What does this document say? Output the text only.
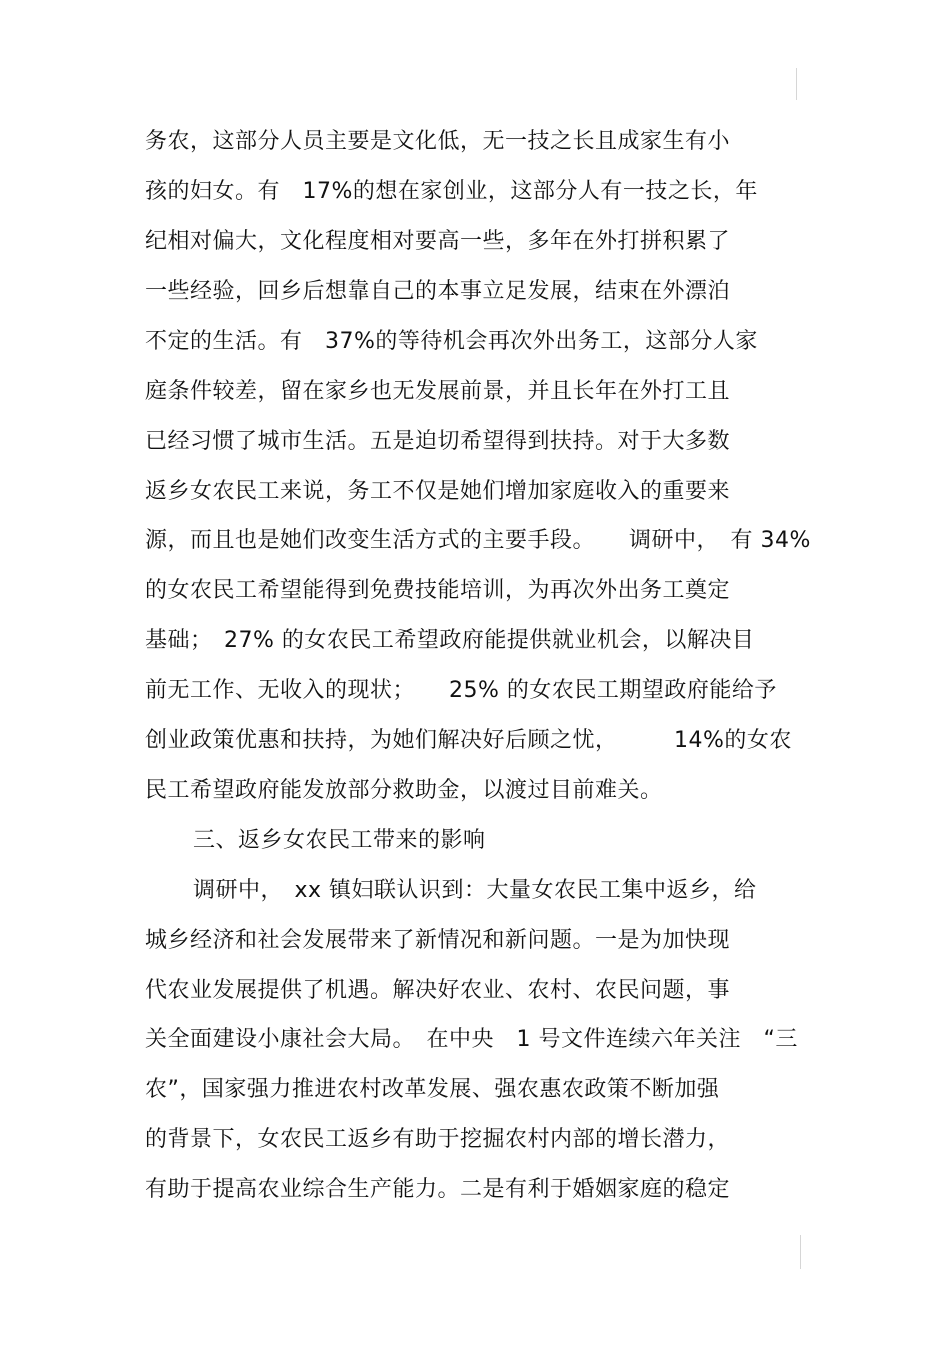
务农，这部分人员主要是文化低，无一技之长且成家生有小
孩的妇女。有　17%的想在家创业，这部分人有一技之长，年
纪相对偏大，文化程度相对要高一些，多年在外打拼积累了
一些经验，回乡后想靠自己的本事立足发展，结束在外漂泊
不定的生活。有　37%的等待机会再次外出务工，这部分人家
庭条件较差，留在家乡也无发展前景，并且长年在外打工且
已经习惯了城市生活。五是迫切希望得到扶持。对于大多数
返乡女农民工来说，务工不仅是她们增加家庭收入的重要来
源，而且也是她们改变生活方式的主要手段。　　调研中，　有 34%
的女农民工希望能得到免费技能培训，为再次外出务工奠定
基础；　27% 的女农民工希望政府能提供就业机会，以解决目
前无工作、无收入的现状；　　25% 的女农民工期望政府能给予
创业政策优惠和扶持，为她们解决好后顾之忧，　　　14%的女农
民工希望政府能发放部分救助金，以渡过目前难关。
三、返乡女农民工带来的影响
调研中，　xx 镇妇联认识到：大量女农民工集中返乡，给
城乡经济和社会发展带来了新情况和新问题。一是为加快现
代农业发展提供了机遇。解决好农业、农村、农民问题，事
关全面建设小康社会大局。　在中央　1 号文件连续六年关注　“三
农”，国家强力推进农村改革发展、强农惠农政策不断加强
的背景下，女农民工返乡有助于挖掘农村内部的增长潜力，
有助于提高农业综合生产能力。二是有利于婚姻家庭的稳定
